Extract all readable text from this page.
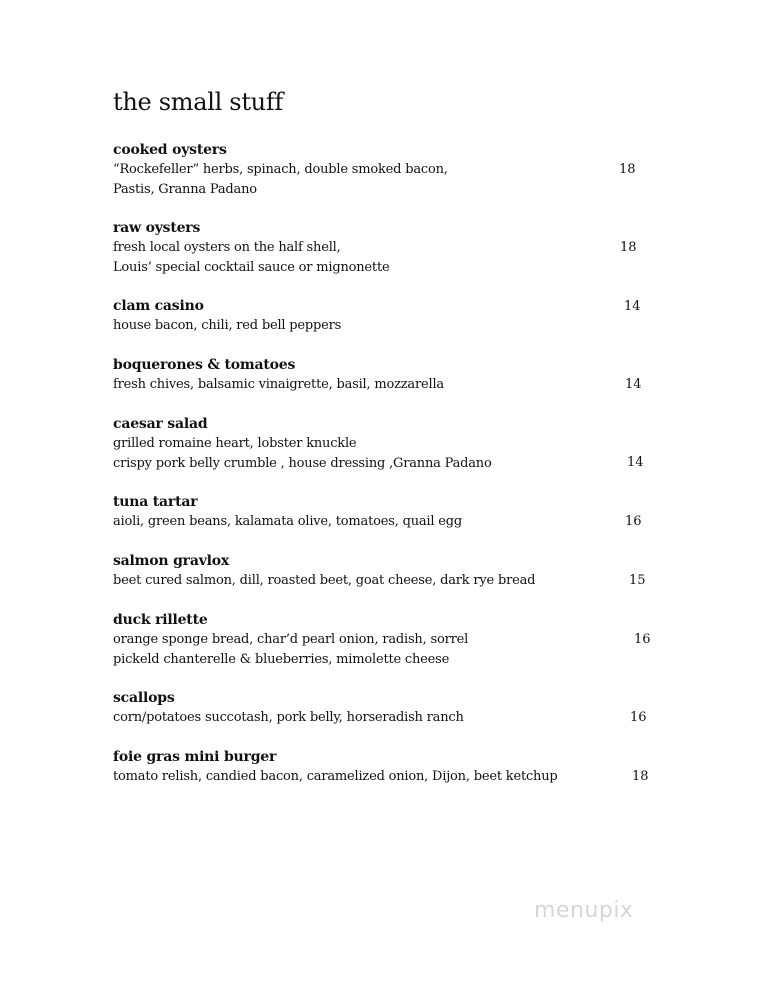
the small stuff
cooked oysters
“Rockefeller” herbs, spinach, double smoked bacon,
Pastis, Granna Padano
18
raw oysters
fresh local oysters on the half shell,
Louis’ special cocktail sauce or mignonette
18
clam casino
house bacon, chili, red bell peppers
14
boquerones & tomatoes
fresh chives, balsamic vinaigrette, basil, mozzarella	14
caesar salad
grilled romaine heart, lobster knuckle
crispy pork belly crumble , house dressing ,Granna Padano	14
tuna tartar
aioli, green beans, kalamata olive, tomatoes, quail egg	16
salmon gravlox
beet cured salmon, dill, roasted beet, goat cheese, dark rye bread	15
duck rillette
orange sponge bread, char’d pearl onion, radish, sorrel
pickeld chanterelle & blueberries, mimolette cheese
16
scallops
corn/potatoes succotash, pork belly, horseradish ranch	16
foie gras mini burger
tomato relish, candied bacon, caramelized onion, Dijon, beet ketchup	18
menupix
